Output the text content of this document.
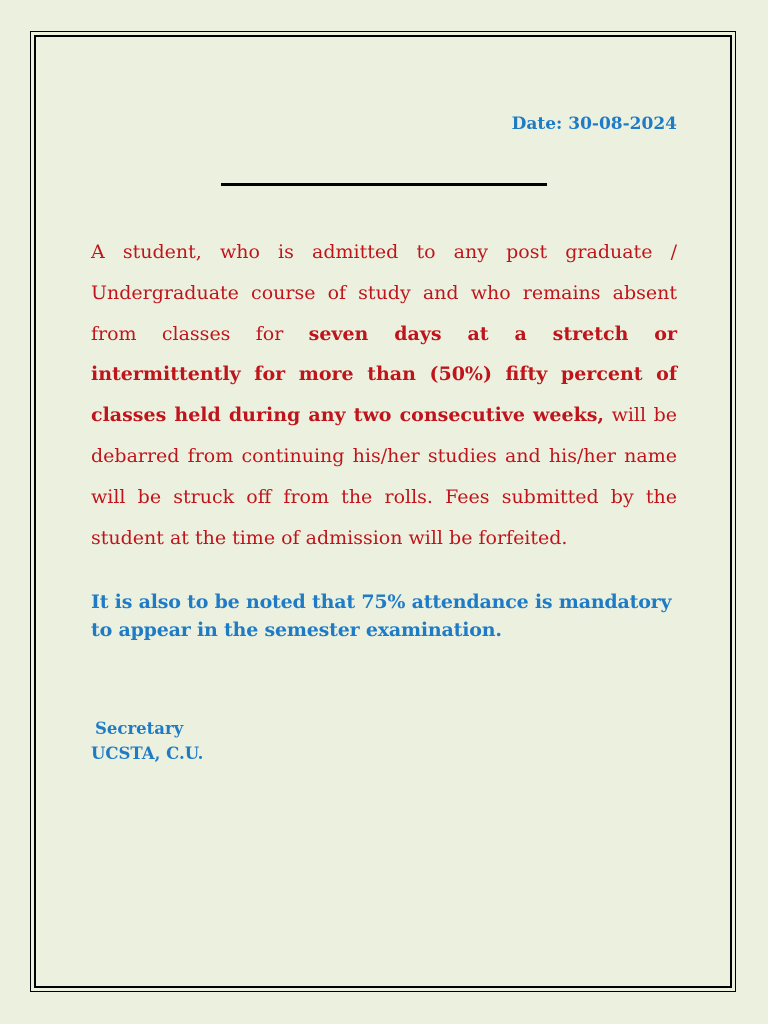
Date: 30-08-2024

A student, who is admitted to any post graduate / Undergraduate course of study and who remains absent from classes for seven days at a stretch or intermittently for more than (50%) fifty percent of classes held during any two consecutive weeks, will be debarred from continuing his/her studies and his/her name will be struck off from the rolls. Fees submitted by the student at the time of admission will be forfeited.

It is also to be noted that 75% attendance is mandatory to appear in the semester examination.

Secretary
UCSTA, C.U.
